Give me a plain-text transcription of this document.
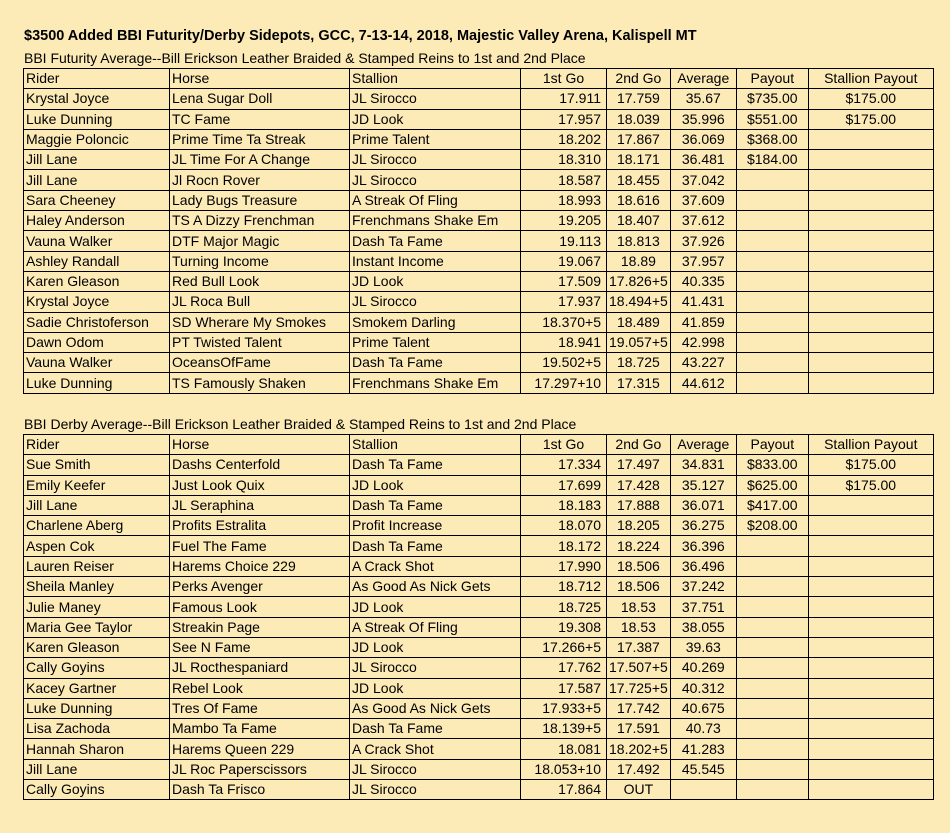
$3500 Added BBI Futurity/Derby Sidepots, GCC, 7-13-14, 2018, Majestic Valley Arena, Kalispell MT
BBI Futurity Average--Bill Erickson Leather Braided & Stamped Reins to 1st and 2nd Place
Rider	Horse	Stallion	1st Go	2nd Go	Average	Payout	Stallion Payout
Krystal Joyce	Lena Sugar Doll	JL Sirocco	17.911	17.759	35.67	$735.00	$175.00
Luke Dunning	TC Fame	JD Look	17.957	18.039	35.996	$551.00	$175.00
Maggie Poloncic	Prime Time Ta Streak	Prime Talent	18.202	17.867	36.069	$368.00	
Jill Lane	JL Time For A Change	JL Sirocco	18.310	18.171	36.481	$184.00	
Jill Lane	Jl Rocn Rover	JL Sirocco	18.587	18.455	37.042		
Sara Cheeney	Lady Bugs Treasure	A Streak Of Fling	18.993	18.616	37.609		
Haley Anderson	TS A Dizzy Frenchman	Frenchmans Shake Em	19.205	18.407	37.612		
Vauna Walker	DTF Major Magic	Dash Ta Fame	19.113	18.813	37.926		
Ashley Randall	Turning Income	Instant Income	19.067	18.89	37.957		
Karen Gleason	Red Bull Look	JD Look	17.509	17.826+5	40.335		
Krystal Joyce	JL Roca Bull	JL Sirocco	17.937	18.494+5	41.431		
Sadie Christoferson	SD Wherare My Smokes	Smokem Darling	18.370+5	18.489	41.859		
Dawn Odom	PT Twisted Talent	Prime Talent	18.941	19.057+5	42.998		
Vauna Walker	OceansOfFame	Dash Ta Fame	19.502+5	18.725	43.227		
Luke Dunning	TS Famously Shaken	Frenchmans Shake Em	17.297+10	17.315	44.612		
BBI Derby Average--Bill Erickson Leather Braided & Stamped Reins to 1st and 2nd Place
Rider	Horse	Stallion	1st Go	2nd Go	Average	Payout	Stallion Payout
Sue Smith	Dashs Centerfold	Dash Ta Fame	17.334	17.497	34.831	$833.00	$175.00
Emily Keefer	Just Look Quix	JD Look	17.699	17.428	35.127	$625.00	$175.00
Jill Lane	JL Seraphina	Dash Ta Fame	18.183	17.888	36.071	$417.00	
Charlene Aberg	Profits Estralita	Profit Increase	18.070	18.205	36.275	$208.00	
Aspen Cok	Fuel The Fame	Dash Ta Fame	18.172	18.224	36.396		
Lauren Reiser	Harems Choice 229	A Crack Shot	17.990	18.506	36.496		
Sheila Manley	Perks Avenger	As Good As Nick Gets	18.712	18.506	37.242		
Julie Maney	Famous Look	JD Look	18.725	18.53	37.751		
Maria Gee Taylor	Streakin Page	A Streak Of Fling	19.308	18.53	38.055		
Karen Gleason	See N Fame	JD Look	17.266+5	17.387	39.63		
Cally Goyins	JL Rocthespaniard	JL Sirocco	17.762	17.507+5	40.269		
Kacey Gartner	Rebel Look	JD Look	17.587	17.725+5	40.312		
Luke Dunning	Tres Of Fame	As Good As Nick Gets	17.933+5	17.742	40.675		
Lisa Zachoda	Mambo Ta Fame	Dash Ta Fame	18.139+5	17.591	40.73		
Hannah Sharon	Harems Queen 229	A Crack Shot	18.081	18.202+5	41.283		
Jill Lane	JL Roc Paperscissors	JL Sirocco	18.053+10	17.492	45.545		
Cally Goyins	Dash Ta Frisco	JL Sirocco	17.864	OUT			
